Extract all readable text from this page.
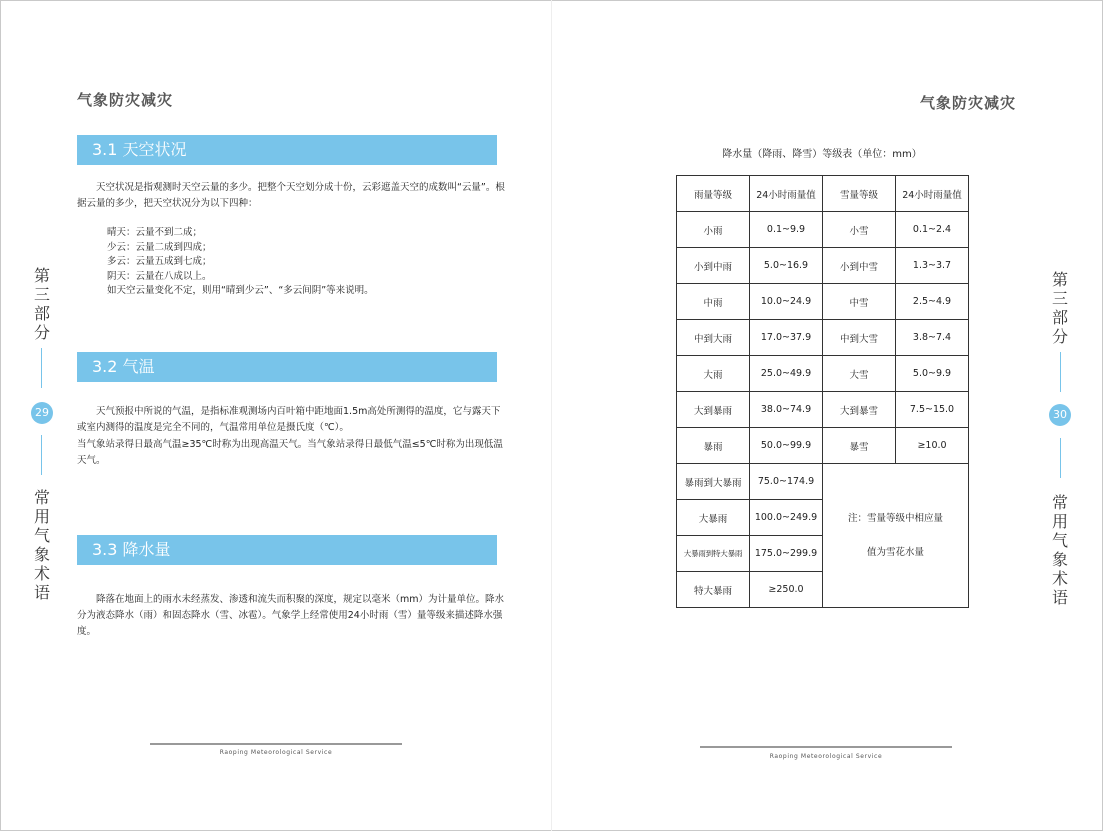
气象防灾减灾
3.1 天空状况

天空状况是指观测时天空云量的多少。把整个天空划分成十份，云彩遮盖天空的成数叫“云量”。根据云量的多少，把天空状况分为以下四种：

晴天：云量不到二成；
少云：云量二成到四成；
多云：云量五成到七成；
阴天：云量在八成以上。
如天空云量变化不定，则用“晴到少云”、“多云间阴”等来说明。
3.2 气温

天气预报中所说的气温，是指标准观测场内百叶箱中距地面1.5m高处所测得的温度，它与露天下或室内测得的温度是完全不同的，气温常用单位是摄氏度（℃）。

当气象站录得日最高气温≥35℃时称为出现高温天气。当气象站录得日最低气温≤5℃时称为出现低温天气。

3.3 降水量

降落在地面上的雨水未经蒸发、渗透和流失而积聚的深度，规定以毫米（mm）为计量单位。降水分为液态降水（雨）和固态降水（雪、冰雹）。气象学上经常使用24小时雨（雪）量等级来描述降水强度。

第三部分
29
常用气象术语
Raoping Meteorological Service
气象防灾减灾

降水量（降雨、降雪）等级表（单位：mm）

雨量等级	24小时雨量值	雪量等级	24小时雨量值
小雨	0.1~9.9	小雪	0.1~2.4
小到中雨	5.0~16.9	小到中雪	1.3~3.7
中雨	10.0~24.9	中雪	2.5~4.9
中到大雨	17.0~37.9	中到大雪	3.8~7.4
大雨	25.0~49.9	大雪	5.0~9.9
大到暴雨	38.0~74.9	大到暴雪	7.5~15.0
暴雨	50.0~99.9	暴雪	≥10.0
暴雨到大暴雨	75.0~174.9	注：雪量等级中相应量
值为雪花水量	

大暴雨	100.0~249.9		
大暴雨到特大暴雨	175.0~299.9		
特大暴雨	≥250.0		
第三部分
30
常用气象术语
Raoping Meteorological Service
